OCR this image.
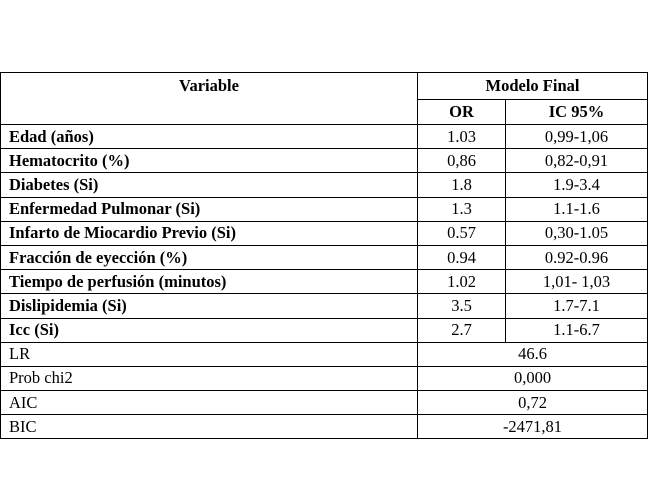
Variable	Modelo Final	
	OR	IC 95%
Edad (años)	1.03	0,99-1,06
Hematocrito (%)	0,86	0,82-0,91
Diabetes (Si)	1.8	1.9-3.4
Enfermedad Pulmonar (Si)	1.3	1.1-1.6
Infarto de Miocardio Previo (Si)	0.57	0,30-1.05
Fracción de eyección (%)	0.94	0.92-0.96
Tiempo de perfusión (minutos)	1.02	1,01- 1,03
Dislipidemia (Si)	3.5	1.7-7.1
Icc (Si)	2.7	1.1-6.7
LR	46.6	
Prob chi2	0,000	
AIC	0,72	
BIC	-2471,81	
